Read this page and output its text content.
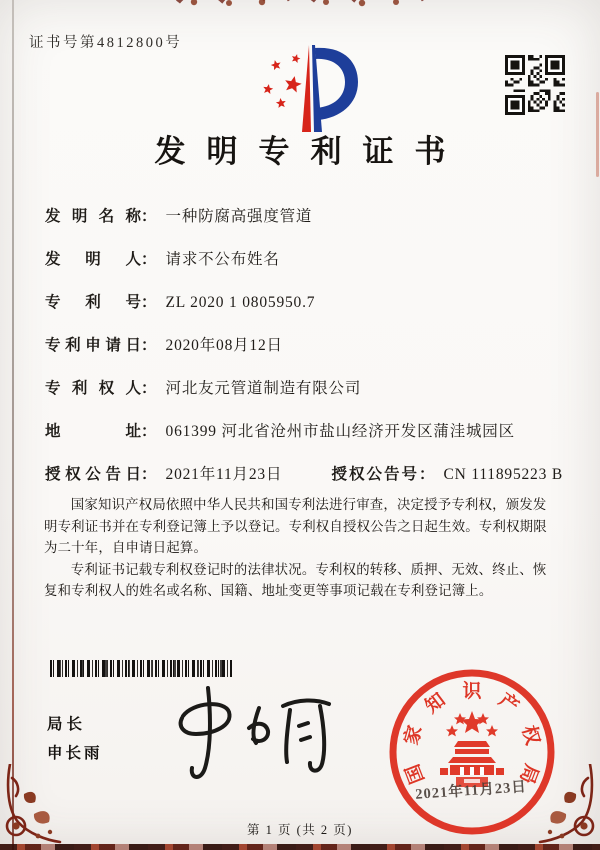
证书号第4812800号
发明专利证书
发明名称 ： 一种防腐高强度管道
发明人 ： 请求不公布姓名
专利号 ： ZL 2020 1 0805950.7
专利申请日 ： 2020年08月12日
专利权人 ： 河北友元管道制造有限公司
地址 ： 061399 河北省沧州市盐山经济开发区蒲洼城园区
授权公告日 ： 2021年11月23日	授权公告号 ： CN 111895223 B

国家知识产权局依照中华人民共和国专利法进行审查，决定授予专利权，颁发发明专利证书并在专利登记簿上予以登记。专利权自授权公告之日起生效。专利权期限为二十年，自申请日起算。

专利证书记载专利权登记时的法律状况。专利权的转移、质押、无效、终止、恢复和专利权人的姓名或名称、国籍、地址变更等事项记载在专利登记簿上。

局长
申长雨
国
家
知 识 产
权
局
2021年11月23日
第 1 页 (共 2 页)
